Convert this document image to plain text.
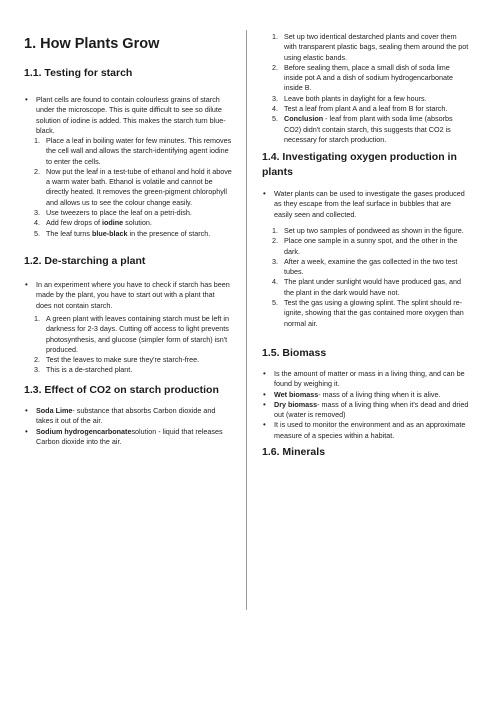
1. How Plants Grow
1.1. Testing for starch
• Plant cells are found to contain colourless grains of starch under the microscope. This is quite difficult to see so dilute solution of iodine is added. This makes the starch turn blue-black.
1. Place a leaf in boiling water for few minutes. This removes the cell wall and allows the starch-identifying agent iodine to enter the cells.
2. Now put the leaf in a test-tube of ethanol and hold it above a warm water bath. Ethanol is volatile and cannot be directly heated. It removes the green-pigment chlorophyll and allows us to see the colour change easily.
3. Use tweezers to place the leaf on a petri-dish.
4. Add few drops of iodine solution.
5. The leaf turns blue-black in the presence of starch.
1.2. De-starching a plant
• In an experiment where you have to check if starch has been made by the plant, you have to start out with a plant that does not contain starch.
1. A green plant with leaves containing starch must be left in darkness for 2-3 days. Cutting off access to light prevents photosynthesis, and glucose (simpler form of starch) isn't produced.
2. Test the leaves to make sure they're starch-free.
3. This is a de-starched plant.
1.3. Effect of CO2 on starch production
• Soda Lime- substance that absorbs Carbon dioxide and takes it out of the air.
• Sodium hydrogencarbonatesolution - liquid that releases Carbon dioxide into the air.
1. Set up two identical destarched plants and cover them with transparent plastic bags, sealing them around the pot using elastic bands.
2. Before sealing them, place a small dish of soda lime inside pot A and a dish of sodium hydrogencarbonate inside B.
3. Leave both plants in daylight for a few hours.
4. Test a leaf from plant A and a leaf from B for starch.
5. Conclusion - leaf from plant with soda lime (absorbs CO2) didn't contain starch, this suggests that CO2 is necessary for starch production.
1.4. Investigating oxygen production in plants
• Water plants can be used to investigate the gases produced as they escape from the leaf surface in bubbles that are easily seen and collected.
1. Set up two samples of pondweed as shown in the figure.
2. Place one sample in a sunny spot, and the other in the dark.
3. After a week, examine the gas collected in the two test tubes.
4. The plant under sunlight would have produced gas, and the plant in the dark would have not.
5. Test the gas using a glowing splint. The splint should re-ignite, showing that the gas contained more oxygen than normal air.
1.5. Biomass
• Is the amount of matter or mass in a living thing, and can be found by weighing it.
• Wet biomass- mass of a living thing when it is alive.
• Dry biomass- mass of a living thing when it's dead and dried out (water is removed)
• It is used to monitor the environment and as an approximate measure of a species within a habitat.
1.6. Minerals
